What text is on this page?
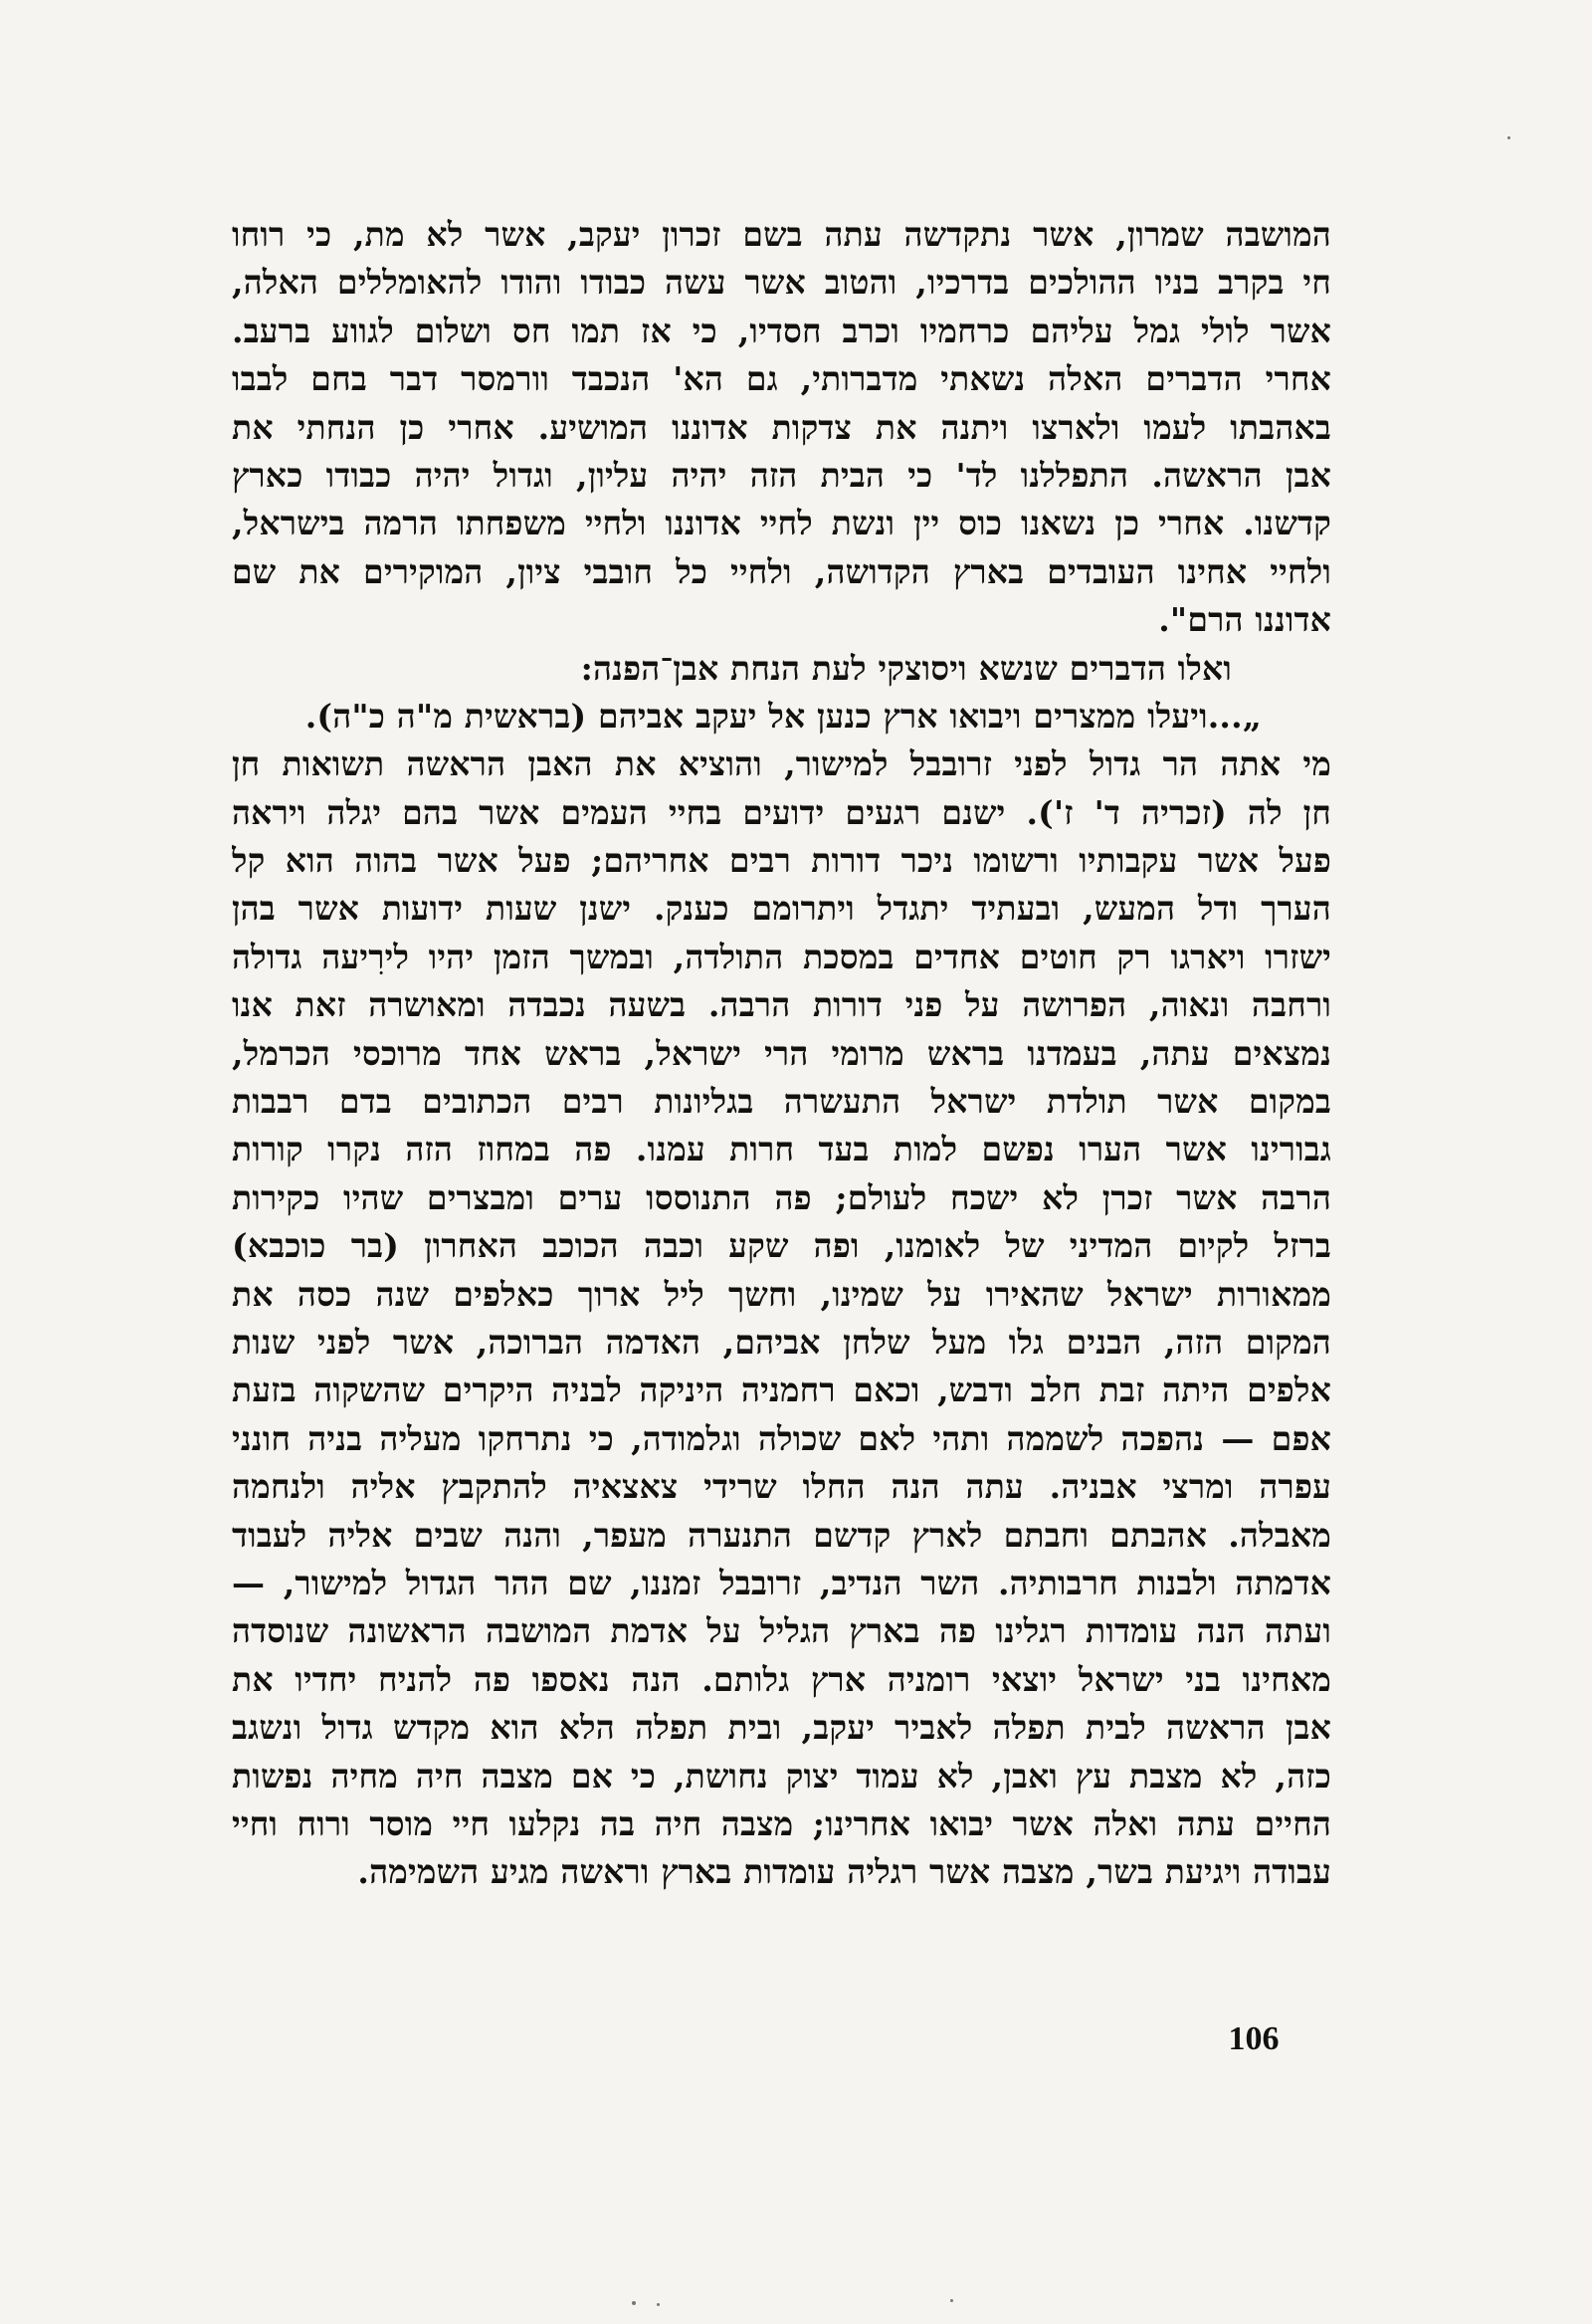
המושבה שמרון, אשר נתקדשה עתה בשם זכרון יעקב, אשר לא מת, כי רוחו
חי בקרב בניו ההולכים בדרכיו, והטוב אשר עשה כבודו והודו להאומללים האלה,
אשר לולי גמל עליהם כרחמיו וכרב חסדיו, כי אז תמו חס ושלום לגווע ברעב.
אחרי הדברים האלה נשאתי מדברותי, גם הא' הנכבד וורמסר דבר בחם לבבו
באהבתו לעמו ולארצו ויתנה את צדקות אדוננו המושיע. אחרי כן הנחתי את
אבן הראשה. התפללנו לד' כי הבית הזה יהיה עליון, וגדול יהיה כבודו כארץ
קדשנו. אחרי כן נשאנו כוס יין ונשת לחיי אדוננו ולחיי משפחתו הרמה בישראל,
ולחיי אחינו העובדים בארץ הקדושה, ולחיי כל חובבי ציון, המוקירים את שם
אדוננו הרם".
ואלו הדברים שנשא ויסוצקי לעת הנחת אבן־הפנה:
„...ויעלו ממצרים ויבואו ארץ כנען אל יעקב אביהם (בראשית מ"ה כ"ה).
מי אתה הר גדול לפני זרובבל למישור, והוציא את האבן הראשה תשואות חן
חן לה (זכריה ד' ז'). ישנם רגעים ידועים בחיי העמים אשר בהם יגלה ויראה
פעל אשר עקבותיו ורשומו ניכר דורות רבים אחריהם; פעל אשר בהוה הוא קל
הערך ודל המעש, ובעתיד יתגדל ויתרומם כענק. ישנן שעות ידועות אשר בהן
ישזרו ויארגו רק חוטים אחדים במסכת התולדה, ובמשך הזמן יהיו לירִיעה גדולה
ורחבה ונאוה, הפרושה על פני דורות הרבה. בשעה נכבדה ומאושרה זאת אנו
נמצאים עתה, בעמדנו בראש מרומי הרי ישראל, בראש אחד מרוכסי הכרמל,
במקום אשר תולדת ישראל התעשרה בגליונות רבים הכתובים בדם רבבות
גבורינו אשר הערו נפשם למות בעד חרות עמנו. פה במחוז הזה נקרו קורות
הרבה אשר זכרן לא ישכח לעולם; פה התנוססו ערים ומבצרים שהיו כקירות
ברזל לקיום המדיני של לאומנו, ופה שקע וכבה הכוכב האחרון (בר כוכבא)
ממאורות ישראל שהאירו על שמינו, וחשך ליל ארוך כאלפים שנה כסה את
המקום הזה, הבנים גלו מעל שלחן אביהם, האדמה הברוכה, אשר לפני שנות
אלפים היתה זבת חלב ודבש, וכאם רחמניה היניקה לבניה היקרים שהשקוה בזעת
אפם — נהפכה לשממה ותהי לאם שכולה וגלמודה, כי נתרחקו מעליה בניה חונני
עפרה ומרצי אבניה. עתה הנה החלו שרידי צאצאיה להתקבץ אליה ולנחמה
מאבלה. אהבתם וחבתם לארץ קדשם התנערה מעפר, והנה שבים אליה לעבוד
אדמתה ולבנות חרבותיה. השר הנדיב, זרובבל זמננו, שם ההר הגדול למישור, —
ועתה הנה עומדות רגלינו פה בארץ הגליל על אדמת המושבה הראשונה שנוסדה
מאחינו בני ישראל יוצאי רומניה ארץ גלותם. הנה נאספו פה להניח יחדיו את
אבן הראשה לבית תפלה לאביר יעקב, ובית תפלה הלא הוא מקדש גדול ונשגב
כזה, לא מצבת עץ ואבן, לא עמוד יצוק נחושת, כי אם מצבה חיה מחיה נפשות
החיים עתה ואלה אשר יבואו אחרינו; מצבה חיה בה נקלעו חיי מוסר ורוח וחיי
עבודה ויגיעת בשר, מצבה אשר רגליה עומדות בארץ וראשה מגיע השמימה.
106
